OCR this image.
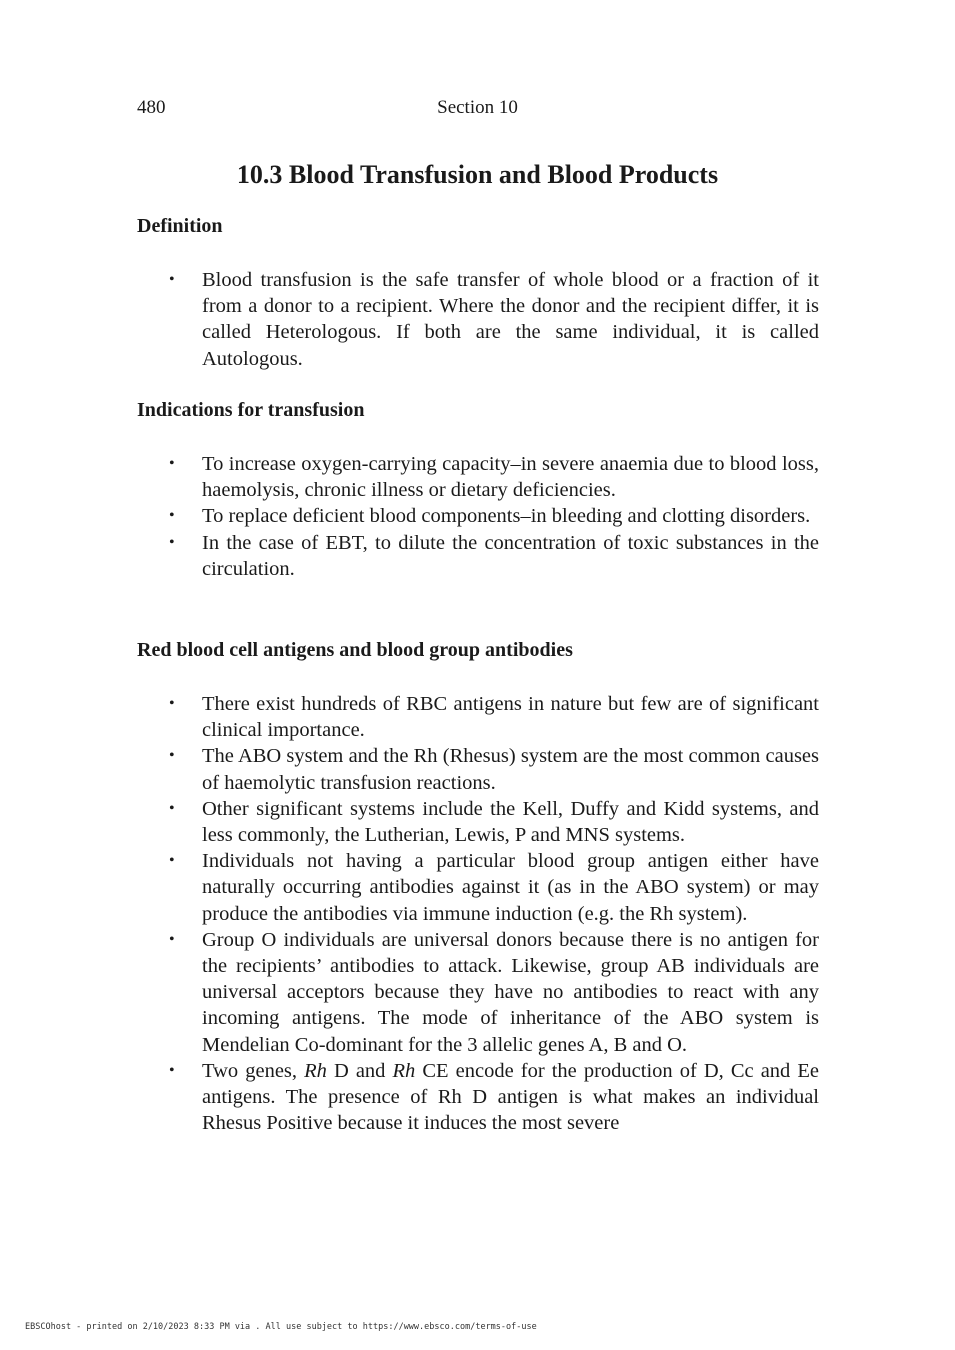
480	Section 10
10.3 Blood Transfusion and Blood Products
Definition
• Blood transfusion is the safe transfer of whole blood or a fraction of it from a donor to a recipient. Where the donor and the recipient differ, it is called Heterologous. If both are the same individual, it is called Autologous.
Indications for transfusion
• To increase oxygen-carrying capacity–in severe anaemia due to blood loss, haemolysis, chronic illness or dietary deficiencies.
• To replace deficient blood components–in bleeding and clotting disorders.
• In the case of EBT, to dilute the concentration of toxic substances in the circulation.
Red blood cell antigens and blood group antibodies
• There exist hundreds of RBC antigens in nature but few are of significant clinical importance.
• The ABO system and the Rh (Rhesus) system are the most common causes of haemolytic transfusion reactions.
• Other significant systems include the Kell, Duffy and Kidd systems, and less commonly, the Lutherian, Lewis, P and MNS systems.
• Individuals not having a particular blood group antigen either have naturally occurring antibodies against it (as in the ABO system) or may produce the antibodies via immune induction (e.g. the Rh system).
• Group O individuals are universal donors because there is no antigen for the recipients’ antibodies to attack. Likewise, group AB individuals are universal acceptors because they have no antibodies to react with any incoming antigens. The mode of inheritance of the ABO system is Mendelian Co-dominant for the 3 allelic genes A, B and O.
• Two genes, Rh D and Rh CE encode for the production of D, Cc and Ee antigens. The presence of Rh D antigen is what makes an individual Rhesus Positive because it induces the most severe
EBSCOhost - printed on 2/10/2023 8:33 PM via . All use subject to https://www.ebsco.com/terms-of-use
